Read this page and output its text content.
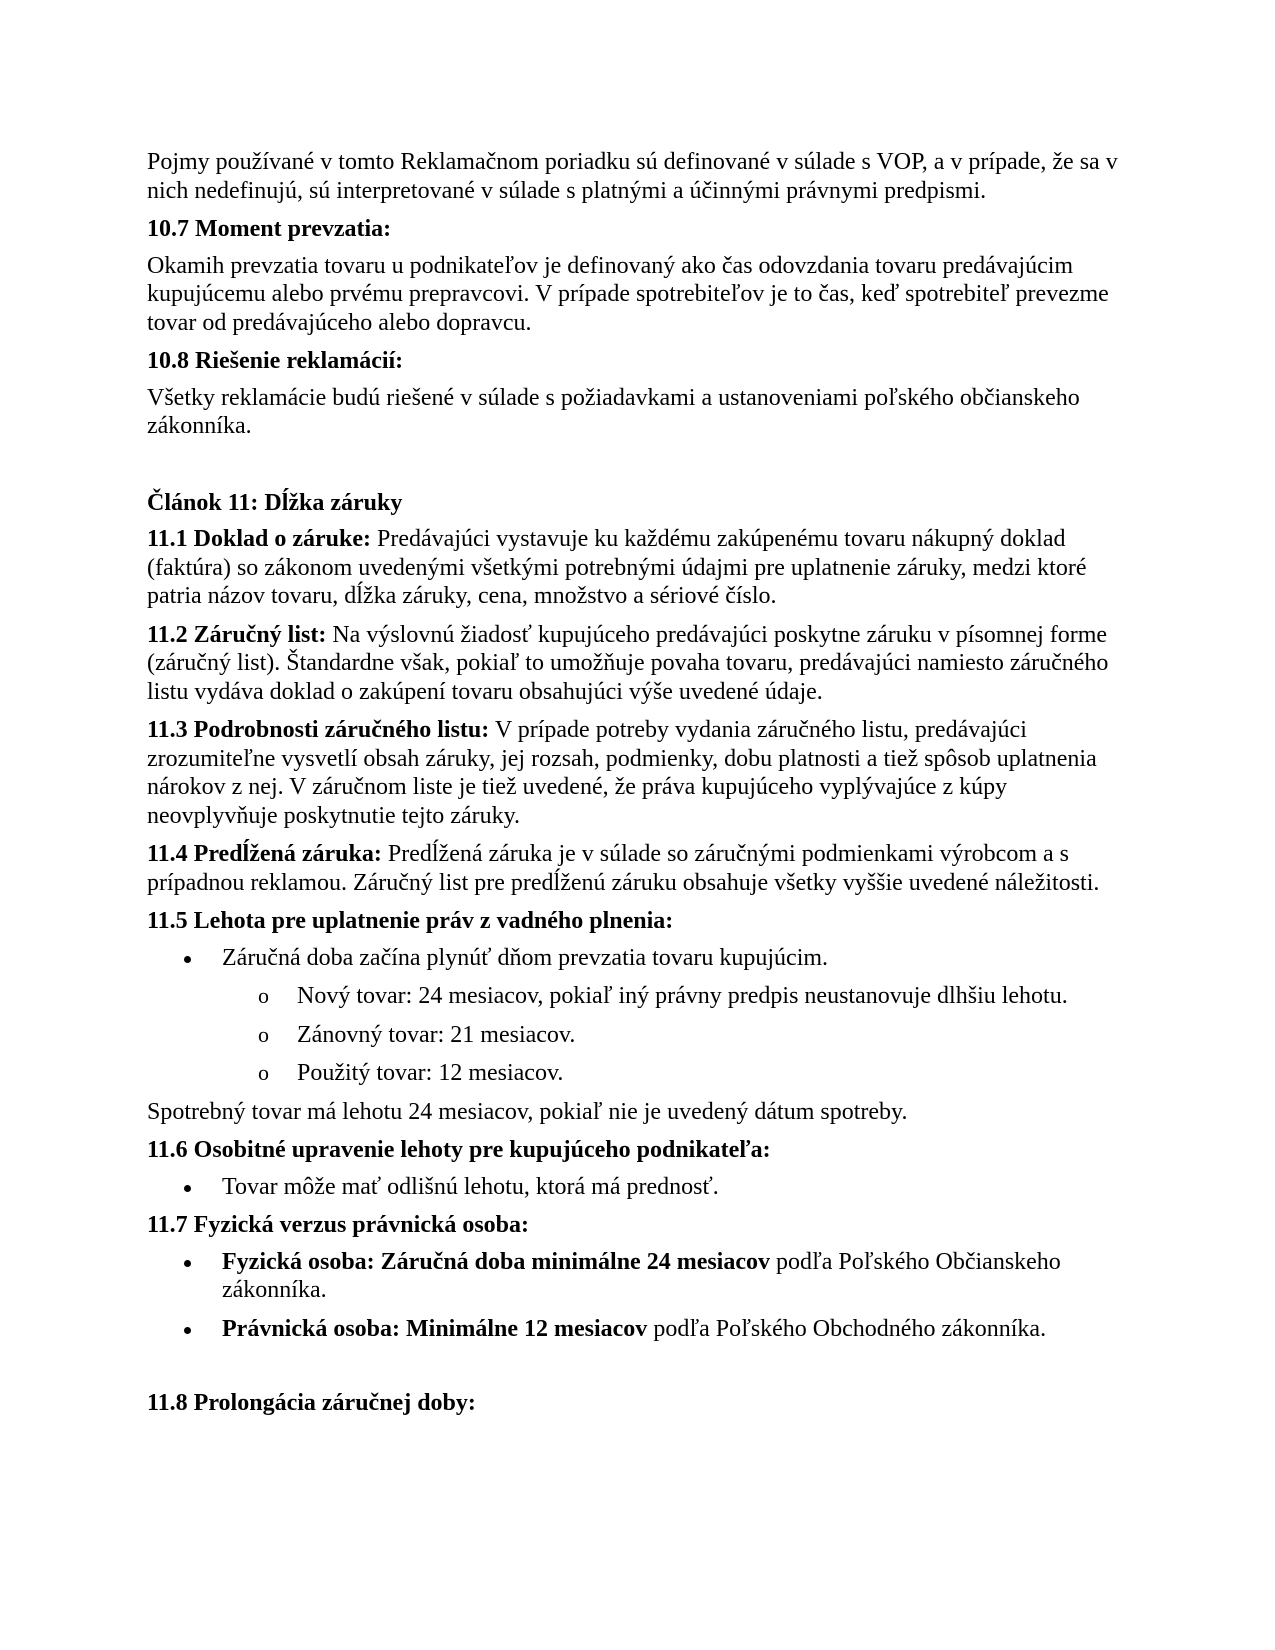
Pojmy používané v tomto Reklamačnom poriadku sú definované v súlade s VOP, a v prípade, že sa v nich nedefinujú, sú interpretované v súlade s platnými a účinnými právnymi predpismi.

10.7 Moment prevzatia:

Okamih prevzatia tovaru u podnikateľov je definovaný ako čas odovzdania tovaru predávajúcim kupujúcemu alebo prvému prepravcovi. V prípade spotrebiteľov je to čas, keď spotrebiteľ prevezme tovar od predávajúceho alebo dopravcu.

10.8 Riešenie reklamácií:

Všetky reklamácie budú riešené v súlade s požiadavkami a ustanoveniami poľského občianskeho zákonníka.

Článok 11: Dĺžka záruky

11.1 Doklad o záruke: Predávajúci vystavuje ku každému zakúpenému tovaru nákupný doklad (faktúra) so zákonom uvedenými všetkými potrebnými údajmi pre uplatnenie záruky, medzi ktoré patria názov tovaru, dĺžka záruky, cena, množstvo a sériové číslo.

11.2 Záručný list: Na výslovnú žiadosť kupujúceho predávajúci poskytne záruku v písomnej forme (záručný list). Štandardne však, pokiaľ to umožňuje povaha tovaru, predávajúci namiesto záručného listu vydáva doklad o zakúpení tovaru obsahujúci výše uvedené údaje.

11.3 Podrobnosti záručného listu: V prípade potreby vydania záručného listu, predávajúci zrozumiteľne vysvetlí obsah záruky, jej rozsah, podmienky, dobu platnosti a tiež spôsob uplatnenia nárokov z nej. V záručnom liste je tiež uvedené, že práva kupujúceho vyplývajúce z kúpy neovplyvňuje poskytnutie tejto záruky.

11.4 Predĺžená záruka: Predĺžená záruka je v súlade so záručnými podmienkami výrobcom a s prípadnou reklamou. Záručný list pre predĺženú záruku obsahuje všetky vyššie uvedené náležitosti.

11.5 Lehota pre uplatnenie práv z vadného plnenia:

Záručná doba začína plynúť dňom prevzatia tovaru kupujúcim.
o Nový tovar: 24 mesiacov, pokiaľ iný právny predpis neustanovuje dlhšiu lehotu.
o Zánovný tovar: 21 mesiacov.
o Použitý tovar: 12 mesiacov.

Spotrebný tovar má lehotu 24 mesiacov, pokiaľ nie je uvedený dátum spotreby.

11.6 Osobitné upravenie lehoty pre kupujúceho podnikateľa:

Tovar môže mať odlišnú lehotu, ktorá má prednosť.

11.7 Fyzická verzus právnická osoba:

Fyzická osoba: Záručná doba minimálne 24 mesiacov podľa Poľského Občianskeho zákonníka.
Právnická osoba: Minimálne 12 mesiacov podľa Poľského Obchodného zákonníka.

11.8 Prolongácia záručnej doby:
